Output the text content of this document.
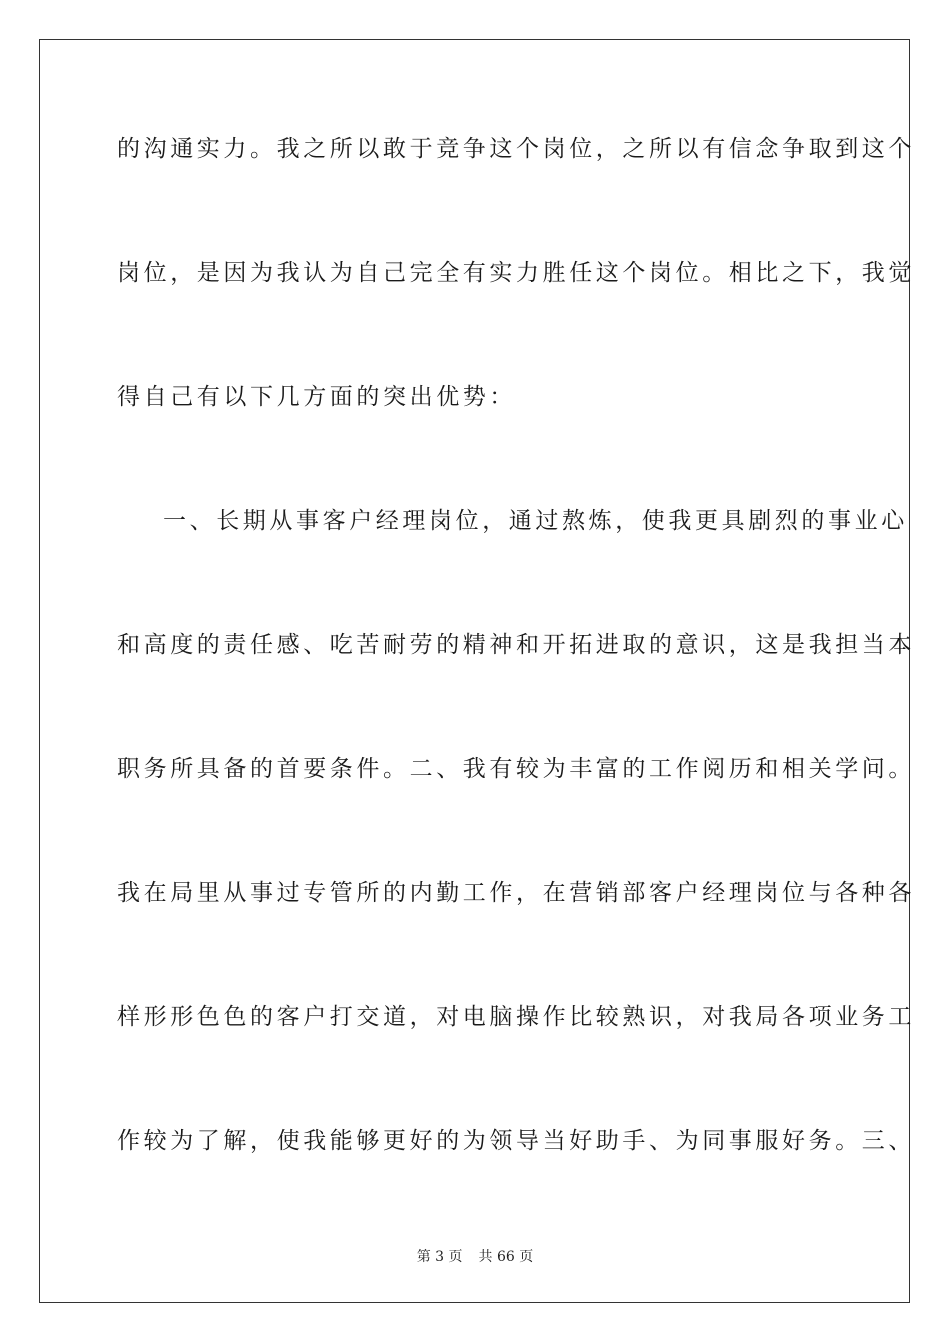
的沟通实力。我之所以敢于竞争这个岗位，之所以有信念争取到这个
岗位，是因为我认为自己完全有实力胜任这个岗位。相比之下，我觉
得自己有以下几方面的突出优势：
一、长期从事客户经理岗位，通过熬炼，使我更具剧烈的事业心
和高度的责任感、吃苦耐劳的精神和开拓进取的意识，这是我担当本
职务所具备的首要条件。二、我有较为丰富的工作阅历和相关学问。
我在局里从事过专管所的内勤工作，在营销部客户经理岗位与各种各
样形形色色的客户打交道，对电脑操作比较熟识，对我局各项业务工
作较为了解，使我能够更好的为领导当好助手、为同事服好务。三、
第 3 页 共 66 页
